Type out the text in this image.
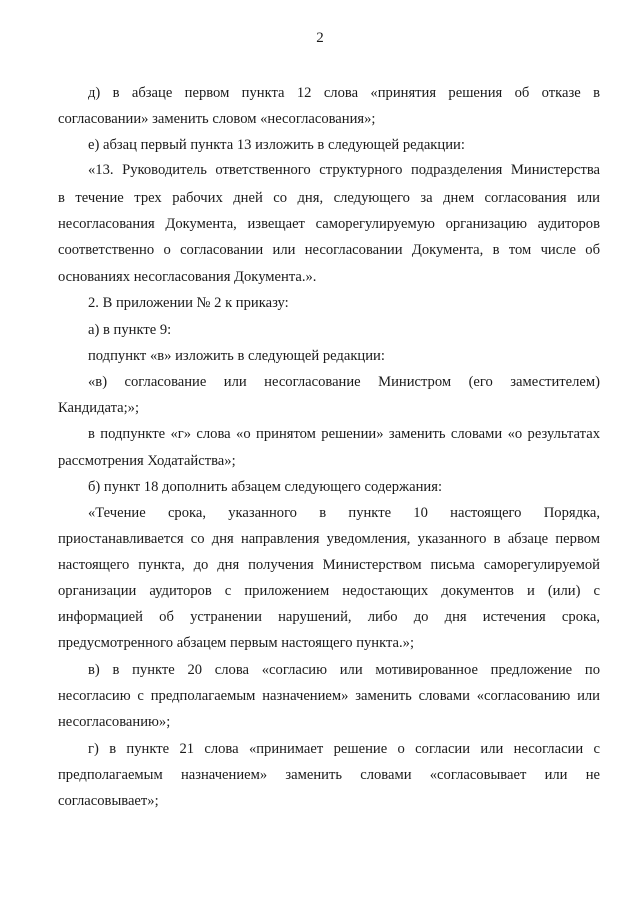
2
д) в абзаце первом пункта 12 слова «принятия решения об отказе в
согласовании» заменить словом «несогласования»;
е) абзац первый пункта 13 изложить в следующей редакции:
«13. Руководитель ответственного структурного подразделения Министерства
в течение трех рабочих дней со дня, следующего за днем согласования или
несогласования Документа, извещает саморегулируемую организацию аудиторов
соответственно о согласовании или несогласовании Документа, в том числе об
основаниях несогласования Документа.».
2. В приложении № 2 к приказу:
а) в пункте 9:
подпункт «в» изложить в следующей редакции:
«в) согласование или несогласование Министром (его заместителем)
Кандидата;»;
в подпункте «г» слова «о принятом решении» заменить словами «о результатах
рассмотрения Ходатайства»;
б) пункт 18 дополнить абзацем следующего содержания:
«Течение срока, указанного в пункте 10 настоящего Порядка,
приостанавливается со дня направления уведомления, указанного в абзаце первом
настоящего пункта, до дня получения Министерством письма саморегулируемой
организации аудиторов с приложением недостающих документов и (или) с
информацией об устранении нарушений, либо до дня истечения срока,
предусмотренного абзацем первым настоящего пункта.»;
в) в пункте 20 слова «согласию или мотивированное предложение по
несогласию с предполагаемым назначением» заменить словами «согласованию или
несогласованию»;
г) в пункте 21 слова «принимает решение о согласии или несогласии с
предполагаемым назначением» заменить словами «согласовывает или не
согласовывает»;
